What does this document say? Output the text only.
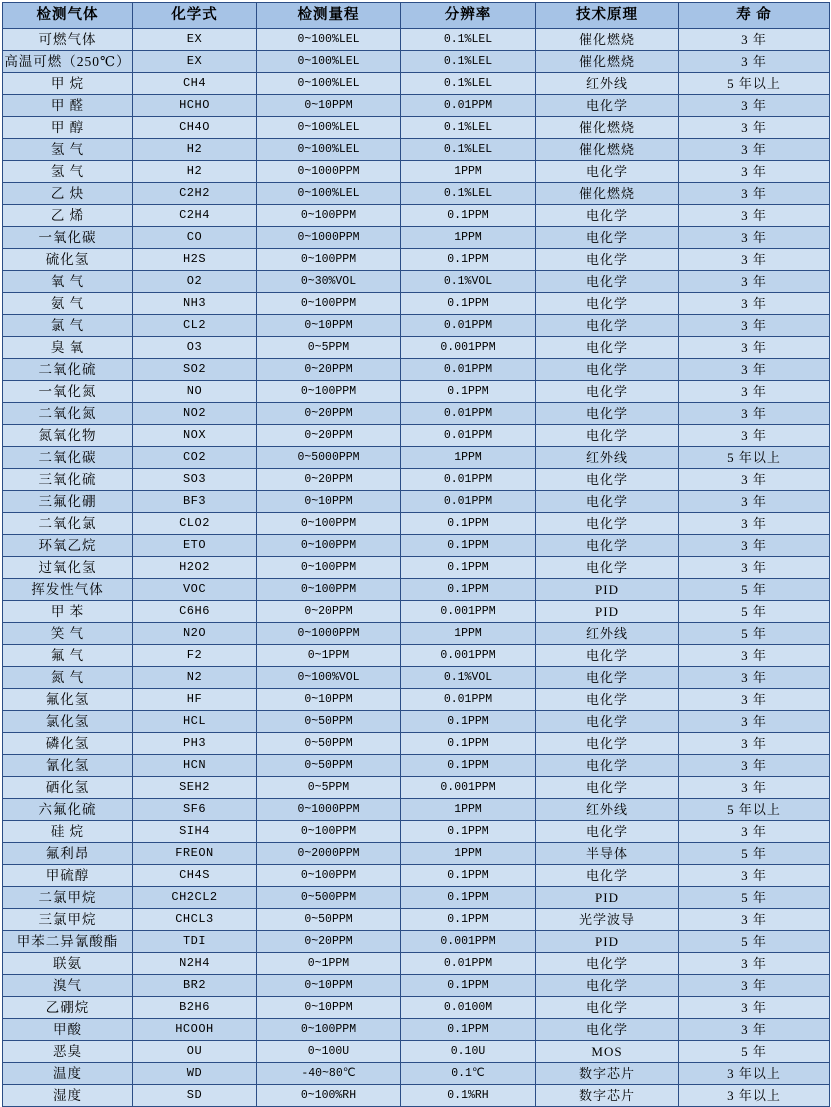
检测气体	化学式	检测量程	分辨率	技术原理	寿 命
可燃气体	EX	0~100%LEL	0.1%LEL	催化燃烧	3 年
高温可燃（250℃）	EX	0~100%LEL	0.1%LEL	催化燃烧	3 年
甲 烷	CH4	0~100%LEL	0.1%LEL	红外线	5 年以上
甲 醛	HCHO	0~10PPM	0.01PPM	电化学	3 年
甲 醇	CH4O	0~100%LEL	0.1%LEL	催化燃烧	3 年
氢 气	H2	0~100%LEL	0.1%LEL	催化燃烧	3 年
氢 气	H2	0~1000PPM	1PPM	电化学	3 年
乙 炔	C2H2	0~100%LEL	0.1%LEL	催化燃烧	3 年
乙 烯	C2H4	0~100PPM	0.1PPM	电化学	3 年
一氧化碳	CO	0~1000PPM	1PPM	电化学	3 年
硫化氢	H2S	0~100PPM	0.1PPM	电化学	3 年
氧 气	O2	0~30%VOL	0.1%VOL	电化学	3 年
氨 气	NH3	0~100PPM	0.1PPM	电化学	3 年
氯 气	CL2	0~10PPM	0.01PPM	电化学	3 年
臭 氧	O3	0~5PPM	0.001PPM	电化学	3 年
二氧化硫	SO2	0~20PPM	0.01PPM	电化学	3 年
一氧化氮	NO	0~100PPM	0.1PPM	电化学	3 年
二氧化氮	NO2	0~20PPM	0.01PPM	电化学	3 年
氮氧化物	NOX	0~20PPM	0.01PPM	电化学	3 年
二氧化碳	CO2	0~5000PPM	1PPM	红外线	5 年以上
三氧化硫	SO3	0~20PPM	0.01PPM	电化学	3 年
三氟化硼	BF3	0~10PPM	0.01PPM	电化学	3 年
二氧化氯	CLO2	0~100PPM	0.1PPM	电化学	3 年
环氧乙烷	ETO	0~100PPM	0.1PPM	电化学	3 年
过氧化氢	H2O2	0~100PPM	0.1PPM	电化学	3 年
挥发性气体	VOC	0~100PPM	0.1PPM	PID	5 年
甲 苯	C6H6	0~20PPM	0.001PPM	PID	5 年
笑 气	N2O	0~1000PPM	1PPM	红外线	5 年
氟 气	F2	0~1PPM	0.001PPM	电化学	3 年
氮 气	N2	0~100%VOL	0.1%VOL	电化学	3 年
氟化氢	HF	0~10PPM	0.01PPM	电化学	3 年
氯化氢	HCL	0~50PPM	0.1PPM	电化学	3 年
磷化氢	PH3	0~50PPM	0.1PPM	电化学	3 年
氰化氢	HCN	0~50PPM	0.1PPM	电化学	3 年
硒化氢	SEH2	0~5PPM	0.001PPM	电化学	3 年
六氟化硫	SF6	0~1000PPM	1PPM	红外线	5 年以上
硅 烷	SIH4	0~100PPM	0.1PPM	电化学	3 年
氟利昂	FREON	0~2000PPM	1PPM	半导体	5 年
甲硫醇	CH4S	0~100PPM	0.1PPM	电化学	3 年
二氯甲烷	CH2CL2	0~500PPM	0.1PPM	PID	5 年
三氯甲烷	CHCL3	0~50PPM	0.1PPM	光学波导	3 年
甲苯二异氰酸酯	TDI	0~20PPM	0.001PPM	PID	5 年
联氨	N2H4	0~1PPM	0.01PPM	电化学	3 年
溴气	BR2	0~10PPM	0.1PPM	电化学	3 年
乙硼烷	B2H6	0~10PPM	0.0100M	电化学	3 年
甲酸	HCOOH	0~100PPM	0.1PPM	电化学	3 年
恶臭	OU	0~100U	0.10U	MOS	5 年
温度	WD	-40~80℃	0.1℃	数字芯片	3 年以上
湿度	SD	0~100%RH	0.1%RH	数字芯片	3 年以上
